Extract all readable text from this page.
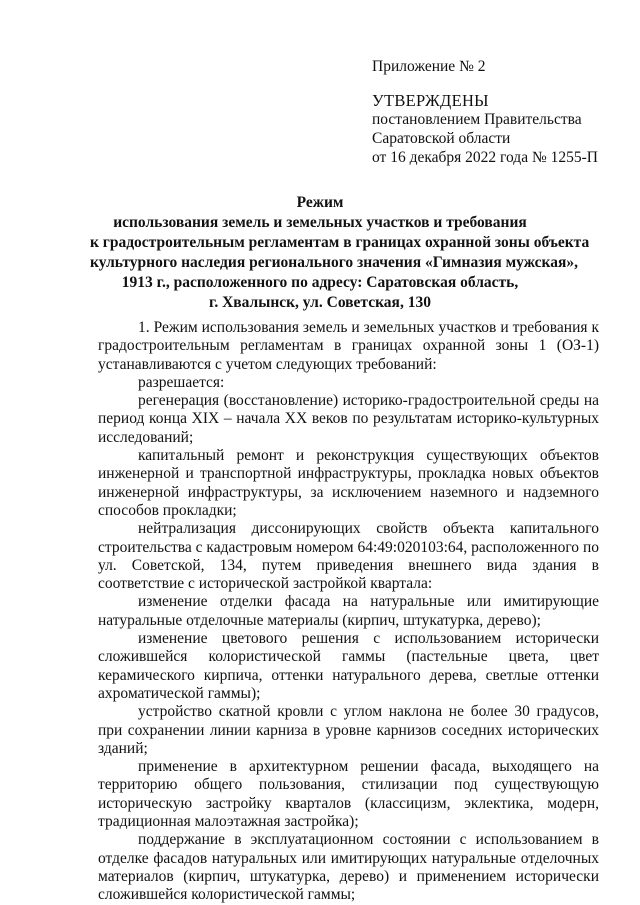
Приложение № 2
УТВЕРЖДЕНЫ
постановлением Правительства
Саратовской области
от 16 декабря 2022 года № 1255-П
Режим
использования земель и земельных участков и требования
к градостроительным регламентам в границах охранной зоны объекта
культурного наследия регионального значения «Гимназия мужская»,
1913 г., расположенного по адресу: Саратовская область,
г. Хвалынск, ул. Советская, 130

1. Режим использования земель и земельных участков и требования к градостроительным регламентам в границах охранной зоны 1 (ОЗ-1) устанавливаются с учетом следующих требований:

разрешается:

регенерация (восстановление) историко-градостроительной среды на период конца XIX – начала XX веков по результатам историко-культурных исследований;

капитальный ремонт и реконструкция существующих объектов инженерной и транспортной инфраструктуры, прокладка новых объектов инженерной инфраструктуры, за исключением наземного и надземного способов прокладки;

нейтрализация диссонирующих свойств объекта капитального строительства с кадастровым номером 64:49:020103:64, расположенного по ул. Советской, 134, путем приведения внешнего вида здания в соответствие с исторической застройкой квартала:

изменение отделки фасада на натуральные или имитирующие натуральные отделочные материалы (кирпич, штукатурка, дерево);

изменение цветового решения с использованием исторически сложившейся колористической гаммы (пастельные цвета, цвет керамического кирпича, оттенки натурального дерева, светлые оттенки ахроматической гаммы);

устройство скатной кровли с углом наклона не более 30 градусов, при сохранении линии карниза в уровне карнизов соседних исторических зданий;

применение в архитектурном решении фасада, выходящего на территорию общего пользования, стилизации под существующую историческую застройку кварталов (классицизм, эклектика, модерн, традиционная малоэтажная застройка);

поддержание в эксплуатационном состоянии с использованием в отделке фасадов натуральных или имитирующих натуральные отделочных материалов (кирпич, штукатурка, дерево) и применением исторически сложившейся колористической гаммы;
